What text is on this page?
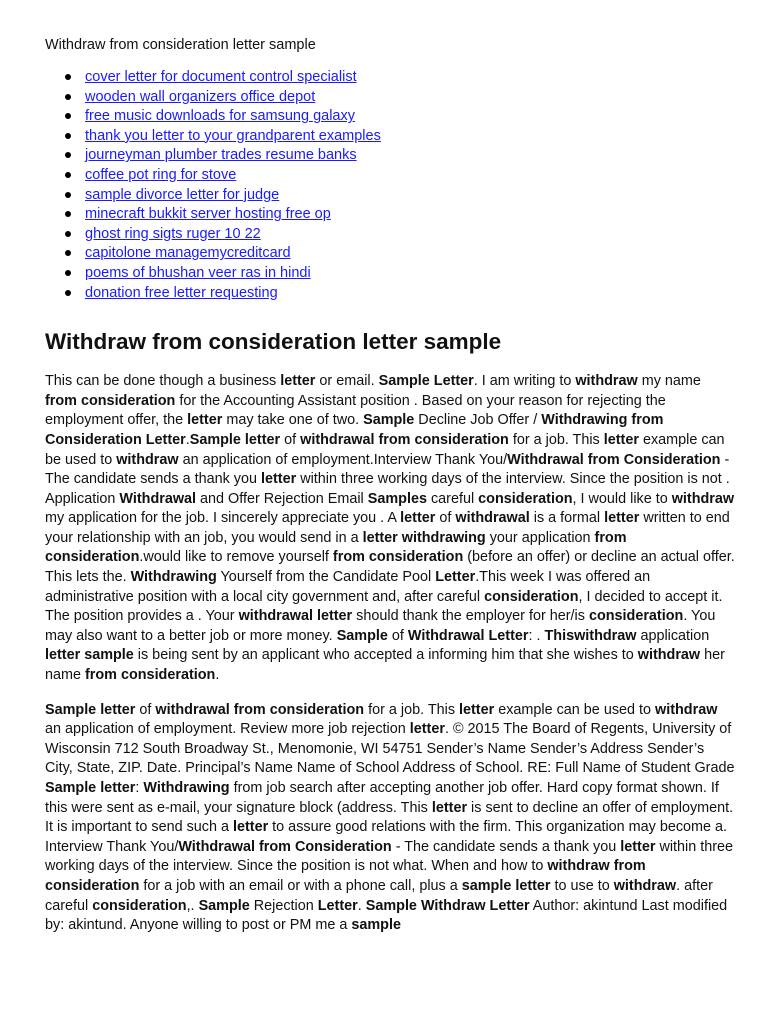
Withdraw from consideration letter sample
cover letter for document control specialist
wooden wall organizers office depot
free music downloads for samsung galaxy
thank you letter to your grandparent examples
journeyman plumber trades resume banks
coffee pot ring for stove
sample divorce letter for judge
minecraft bukkit server hosting free op
ghost ring sigts ruger 10 22
capitolone managemycreditcard
poems of bhushan veer ras in hindi
donation free letter requesting
Withdraw from consideration letter sample

This can be done though a business letter or email. Sample Letter. I am writing to withdraw my name from consideration for the Accounting Assistant position . Based on your reason for rejecting the employment offer, the letter may take one of two. Sample Decline Job Offer / Withdrawing from Consideration Letter.Sample letter of withdrawal from consideration for a job. This letter example can be used to withdraw an application of employment.Interview Thank You/Withdrawal from Consideration - The candidate sends a thank you letter within three working days of the interview. Since the position is not . Application Withdrawal and Offer Rejection Email Samples careful consideration, I would like to withdraw my application for the job. I sincerely appreciate you . A letter of withdrawal is a formal letter written to end your relationship with an job, you would send in a letter withdrawing your application from consideration.would like to remove yourself from consideration (before an offer) or decline an actual offer. This lets the. Withdrawing Yourself from the Candidate Pool Letter.This week I was offered an administrative position with a local city government and, after careful consideration, I decided to accept it. The position provides a . Your withdrawal letter should thank the employer for her/is consideration. You may also want to a better job or more money. Sample of Withdrawal Letter: . Thiswithdraw application letter sample is being sent by an applicant who accepted a informing him that she wishes to withdraw her name from consideration.

Sample letter of withdrawal from consideration for a job. This letter example can be used to withdraw an application of employment. Review more job rejection letter. © 2015 The Board of Regents, University of Wisconsin 712 South Broadway St., Menomonie, WI 54751 Sender’s Name Sender’s Address Sender’s City, State, ZIP. Date. Principal’s Name Name of School Address of School. RE: Full Name of Student Grade Sample letter: Withdrawing from job search after accepting another job offer. Hard copy format shown. If this were sent as e-mail, your signature block (address. This letter is sent to decline an offer of employment. It is important to send such a letter to assure good relations with the firm. This organization may become a. Interview Thank You/Withdrawal from Consideration - The candidate sends a thank you letter within three working days of the interview. Since the position is not what. When and how to withdraw from consideration for a job with an email or with a phone call, plus a sample letter to use to withdraw. after careful consideration,. Sample Rejection Letter. Sample Withdraw Letter Author: akintund Last modified by: akintund. Anyone willing to post or PM me a sample
